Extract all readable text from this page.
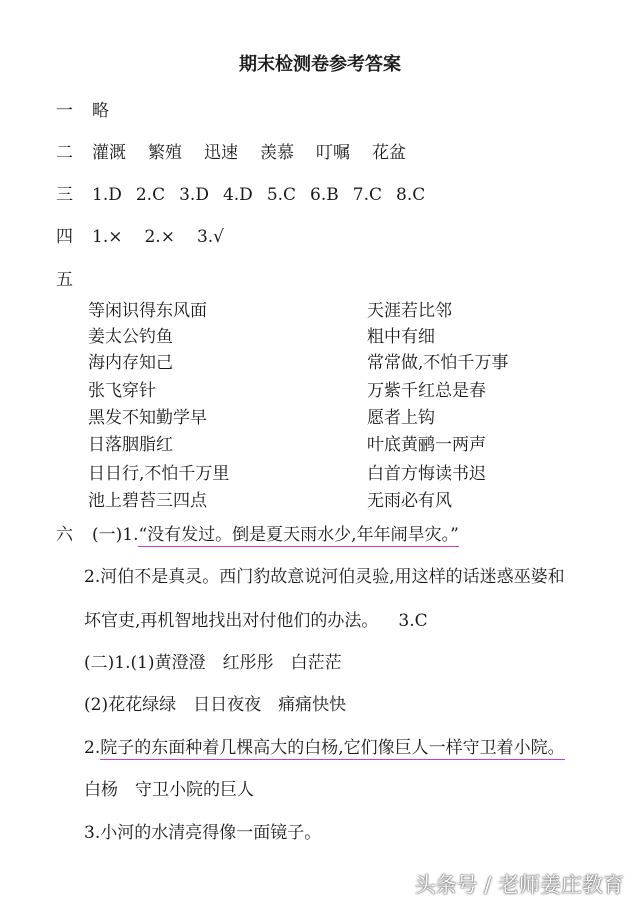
期末检测卷参考答案
一 略
二 灌溉 繁殖 迅速 羡慕 叮嘱 花盆
三 1.D 2.C 3.D 4.D 5.C 6.B 7.C 8.C
四 1.× 2.× 3.√
五
等闲识得东风面
姜太公钓鱼
海内存知己
张飞穿针
黑发不知勤学早
日落胭脂红
日日行,不怕千万里
池上碧苔三四点
天涯若比邻
粗中有细
常常做,不怕千万事
万紫千红总是春
愿者上钩
叶底黄鹂一两声
白首方悔读书迟
无雨必有风
六 (一)1.“没有发过。倒是夏天雨水少,年年闹旱灾。”
2.河伯不是真灵。西门豹故意说河伯灵验,用这样的话迷惑巫婆和
坏官吏,再机智地找出对付他们的办法。 3.C
(二)1.(1)黄澄澄　红彤彤　白茫茫
(2)花花绿绿　日日夜夜　痛痛快快
2.院子的东面种着几棵高大的白杨,它们像巨人一样守卫着小院。
白杨　守卫小院的巨人
3.小河的水清亮得像一面镜子。
头条号 / 老师姜庄教育
